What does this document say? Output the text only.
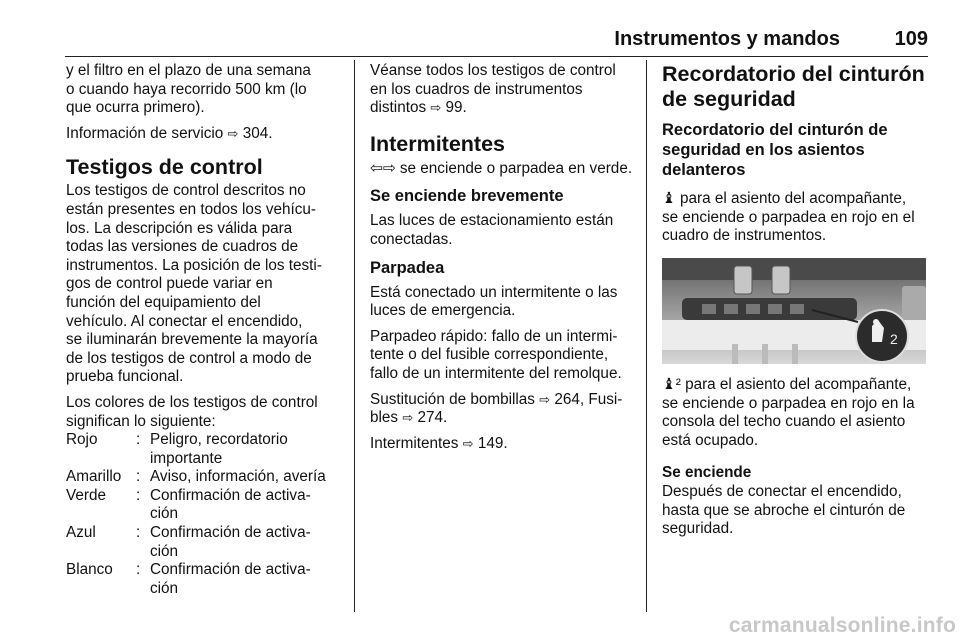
Instrumentos y mandos	109

y el filtro en el plazo de una semana
o cuando haya recorrido 500 km (lo
que ocurra primero).

Información de servicio ⇨ 304.

Testigos de control

Los testigos de control descritos no
están presentes en todos los vehícu-
los. La descripción es válida para
todas las versiones de cuadros de
instrumentos. La posición de los testi-
gos de control puede variar en
función del equipamiento del
vehículo. Al conectar el encendido,
se iluminarán brevemente la mayoría
de los testigos de control a modo de
prueba funcional.

Los colores de los testigos de control
significan lo siguiente:

Rojo	: Peligro, recordatorio
importante
Amarillo : Aviso, información, avería
Verde	: Confirmación de activa-
ción
Azul	: Confirmación de activa-
ción
Blanco	: Confirmación de activa-
ción

Véanse todos los testigos de control
en los cuadros de instrumentos
distintos ⇨ 99.

Intermitentes

⇦⇨ se enciende o parpadea en verde.

Se enciende brevemente

Las luces de estacionamiento están
conectadas.

Parpadea

Está conectado un intermitente o las
luces de emergencia.

Parpadeo rápido: fallo de un intermi-
tente o del fusible correspondiente,
fallo de un intermitente del remolque.

Sustitución de bombillas ⇨ 264, Fusi-
bles ⇨ 274.

Intermitentes ⇨ 149.

Recordatorio del cinturón
de seguridad
Recordatorio del cinturón de
seguridad en los asientos
delanteros

♝ para el asiento del acompañante,
se enciende o parpadea en rojo en el
cuadro de instrumentos.

2

♝² para el asiento del acompañante,
se enciende o parpadea en rojo en la
consola del techo cuando el asiento
está ocupado.

Se enciende

Después de conectar el encendido,
hasta que se abroche el cinturón de
seguridad.

carmanualsonline.info
